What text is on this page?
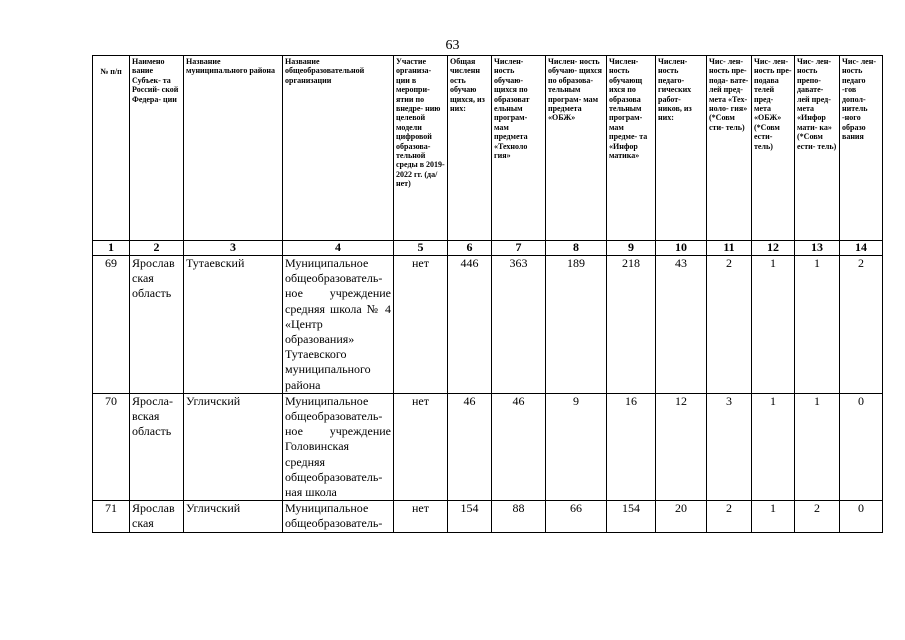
63
№ п/п	Наимено вание Субъек- та Россий- ской Федера- ции	Название муниципального района	Название общеобразовательной организации	Участие организа- ции в меропри- ятии по внедре- нию целевой модели цифровой образова- тельной среды в 2019-2022 гг. (да/нет)	Общая численн ость обучаю щихся, из них:	Числен- ность обучаю- щихся по образоват ельным програм- мам предмета «Техноло гия»	Числен- ность обучаю- щихся по образова- тельным програм- мам предмета «ОБЖ»	Числен- ность обучающ ихся по образова тельным програм- мам предме- та «Инфор матика»	Числен- ность педаго- гических работ- ников, из них:	Чис- лен- ность пре- пода- вате- лей пред- мета «Тех- ноло- гия» (*Совм сти- тель)	Чис- лен- ность пре- подава телей пред- мета «ОБЖ» (*Совм ести- тель)	Чис- лен- ность препо- давате- лей пред- мета «Инфор мати- ка» (*Совм ести- тель)	Чис- лен- ность педаго -гов допол- нитель -ного образо вания
1	2	3	4	5	6	7	8	9	10	11	12	13	14
69	Ярослав ская область	Тутаевский	Муниципальное общеобразователь- ное учреждение средняя школа № 4 «Центр образования» Тутаевского муниципального района	нет	446	363	189	218	43	2	1	1	2
70	Яросла- вская область	Угличский	Муниципальное общеобразователь- ное учреждение Головинская средняя общеобразователь- ная школа	нет	46	46	9	16	12	3	1	1	0
71	Ярослав ская	Угличский	Муниципальное общеобразователь-	нет	154	88	66	154	20	2	1	2	0
